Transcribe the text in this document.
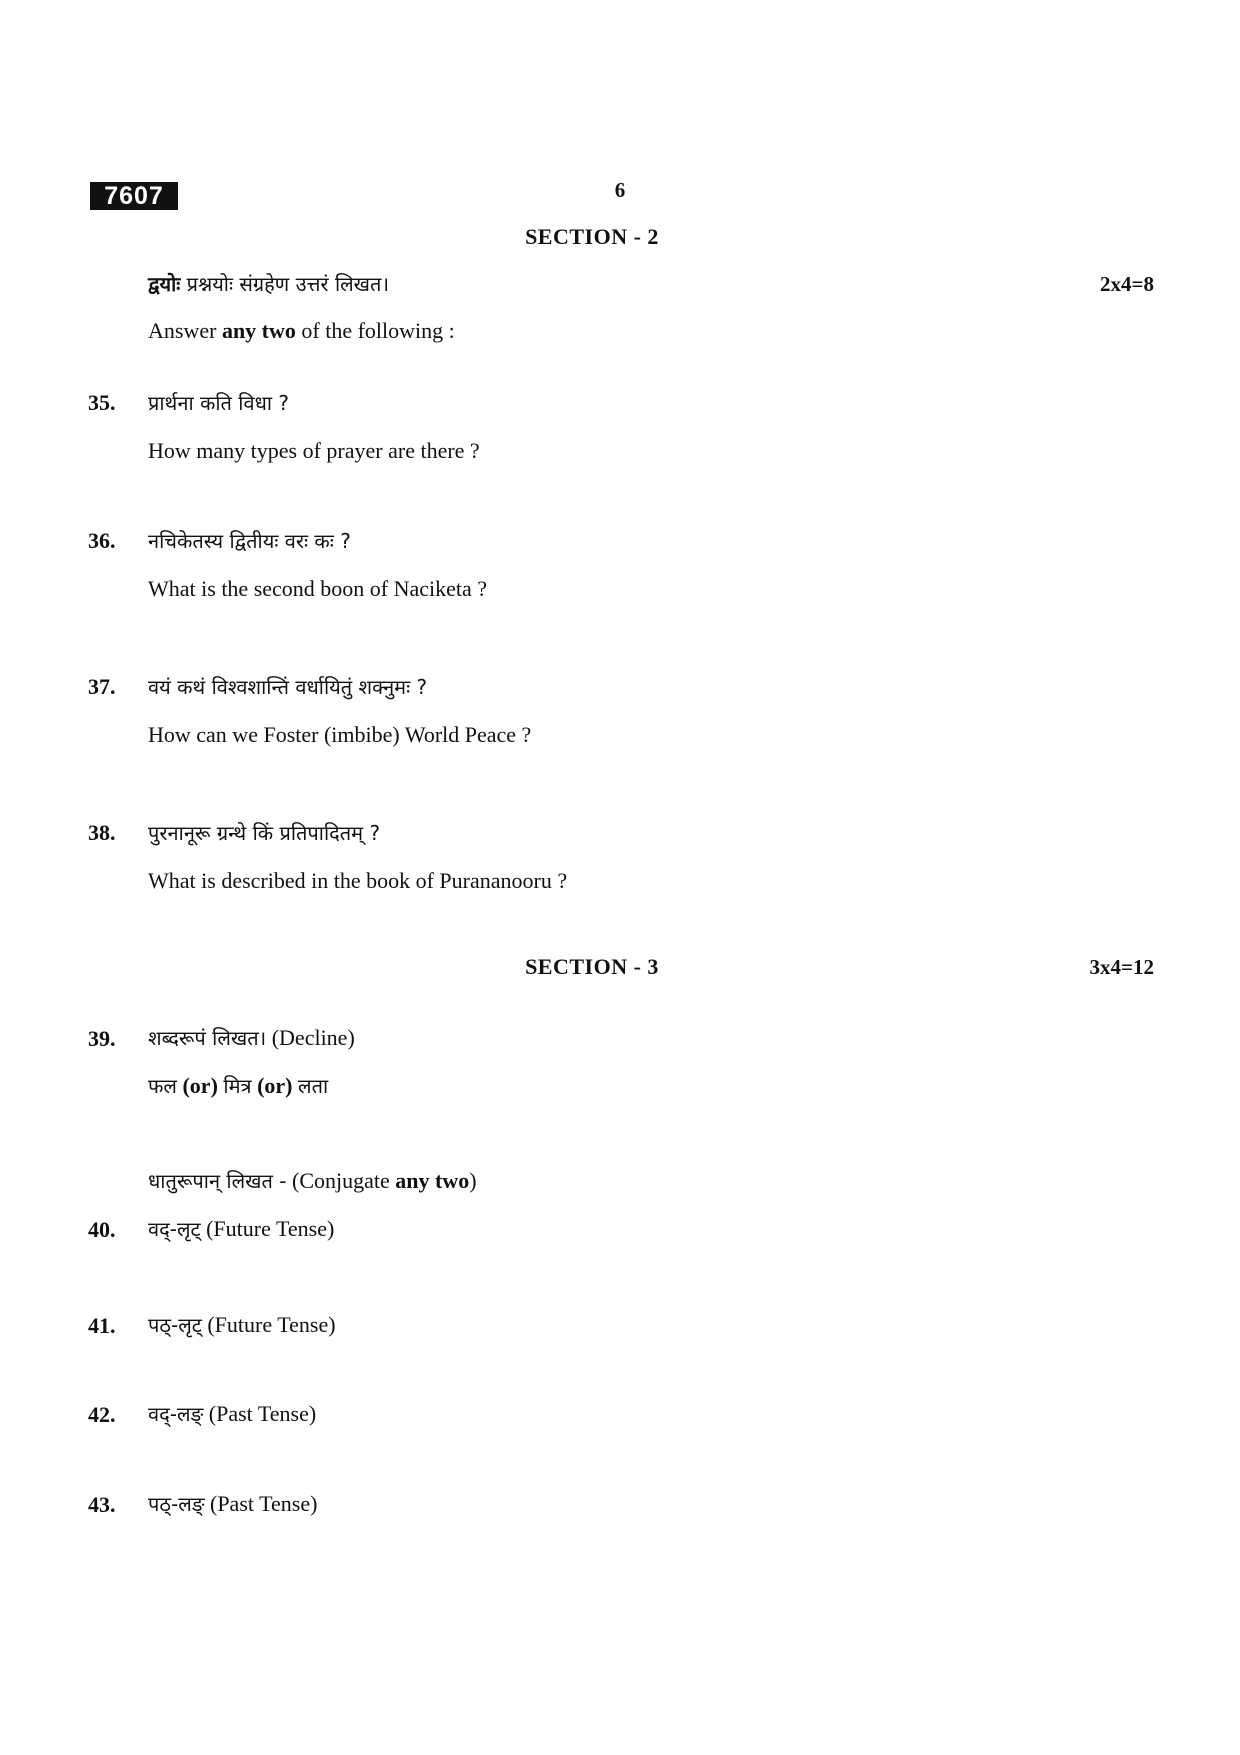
7607	6
SECTION - 2
द्वयोः प्रश्नयोः संग्रहेण उत्तरं लिखत।	2x4=8
Answer any two of the following :
35. प्रार्थना कति विधा ?
How many types of prayer are there ?
36. नचिकेतस्य द्वितीयः वरः कः ?
What is the second boon of Naciketa ?
37. वयं कथं विश्वशान्तिं वर्धायितुं शक्नुमः ?
How can we Foster (imbibe) World Peace ?
38. पुरनानूरू ग्रन्थे किं प्रतिपादितम् ?
What is described in the book of Purananooru ?
SECTION - 3	3x4=12
39. शब्दरूपं लिखत। (Decline)
फल (or) मित्र (or) लता
धातुरूपान् लिखत - (Conjugate any two)
40. वद्-लृट् (Future Tense)
41. पठ्-लृट् (Future Tense)
42. वद्-लङ् (Past Tense)
43. पठ्-लङ् (Past Tense)
